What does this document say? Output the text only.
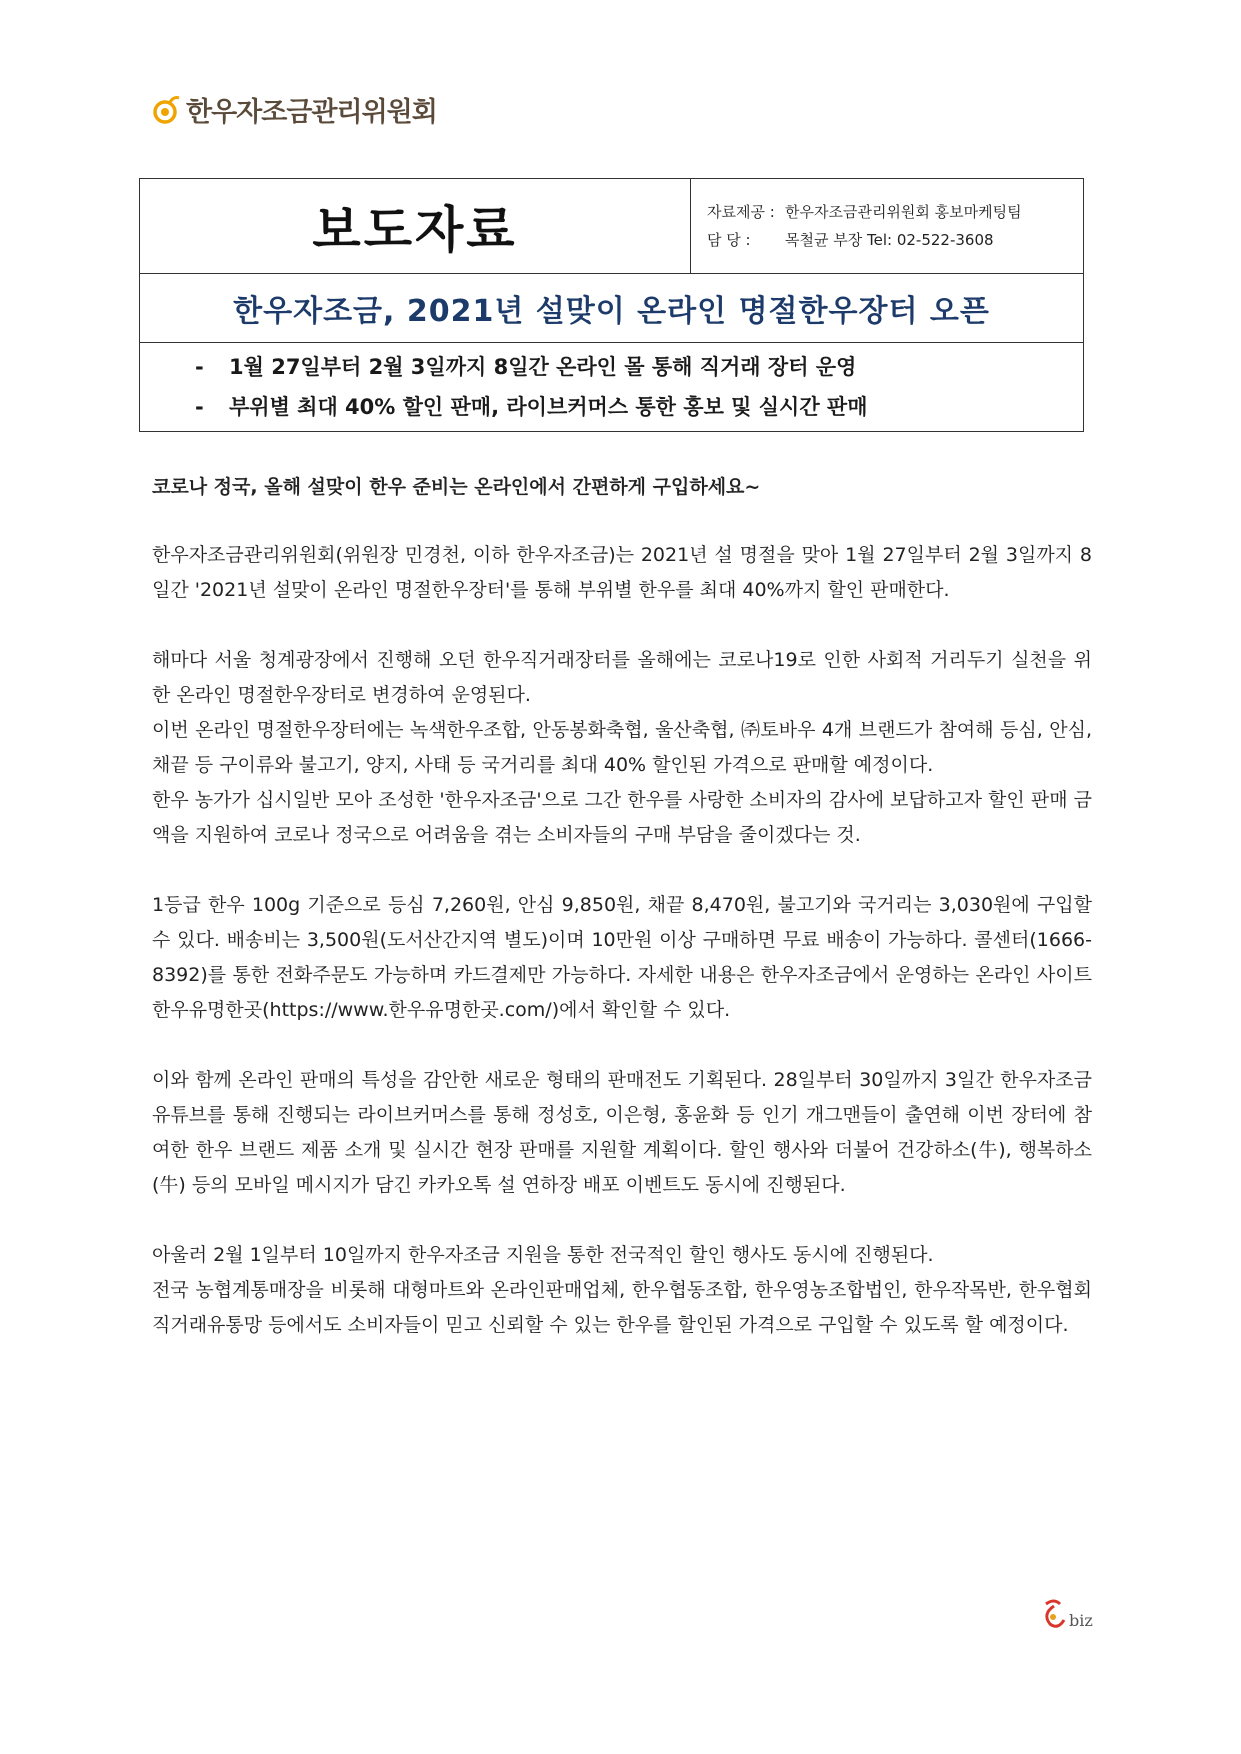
한우자조금관리위원회
보도자료	자료제공 : 한우자조금관리위원회 홍보마케팅팀
담 당 :	목철균 부장 Tel: 02-522-3608

한우자조금, 2021년 설맞이 온라인 명절한우장터 오픈

-	1월 27일부터 2월 3일까지 8일간 온라인 몰 통해 직거래 장터 운영
-	부위별 최대 40% 할인 판매, 라이브커머스 통한 홍보 및 실시간 판매

코로나 정국, 올해 설맞이 한우 준비는 온라인에서 간편하게 구입하세요~

한우자조금관리위원회(위원장 민경천, 이하 한우자조금)는 2021년 설 명절을 맞아 1월 27일부터 2월 3일까지 8일간 '2021년 설맞이 온라인 명절한우장터'를 통해 부위별 한우를 최대 40%까지 할인 판매한다.

해마다 서울 청계광장에서 진행해 오던 한우직거래장터를 올해에는 코로나19로 인한 사회적 거리두기 실천을 위한 온라인 명절한우장터로 변경하여 운영된다.
이번 온라인 명절한우장터에는 녹색한우조합, 안동봉화축협, 울산축협, ㈜토바우 4개 브랜드가 참여해 등심, 안심, 채끝 등 구이류와 불고기, 양지, 사태 등 국거리를 최대 40% 할인된 가격으로 판매할 예정이다.
한우 농가가 십시일반 모아 조성한 '한우자조금'으로 그간 한우를 사랑한 소비자의 감사에 보답하고자 할인 판매 금액을 지원하여 코로나 정국으로 어려움을 겪는 소비자들의 구매 부담을 줄이겠다는 것.

1등급 한우 100g 기준으로 등심 7,260원, 안심 9,850원, 채끝 8,470원, 불고기와 국거리는 3,030원에 구입할 수 있다. 배송비는 3,500원(도서산간지역 별도)이며 10만원 이상 구매하면 무료 배송이 가능하다. 콜센터(1666-8392)를 통한 전화주문도 가능하며 카드결제만 가능하다. 자세한 내용은 한우자조금에서 운영하는 온라인 사이트 한우유명한곳(https://www.한우유명한곳.com/)에서 확인할 수 있다.

이와 함께 온라인 판매의 특성을 감안한 새로운 형태의 판매전도 기획된다. 28일부터 30일까지 3일간 한우자조금 유튜브를 통해 진행되는 라이브커머스를 통해 정성호, 이은형, 홍윤화 등 인기 개그맨들이 출연해 이번 장터에 참여한 한우 브랜드 제품 소개 및 실시간 현장 판매를 지원할 계획이다. 할인 행사와 더불어 건강하소(牛), 행복하소(牛) 등의 모바일 메시지가 담긴 카카오톡 설 연하장 배포 이벤트도 동시에 진행된다.

아울러 2월 1일부터 10일까지 한우자조금 지원을 통한 전국적인 할인 행사도 동시에 진행된다.
전국 농협계통매장을 비롯해 대형마트와 온라인판매업체, 한우협동조합, 한우영농조합법인, 한우작목반, 한우협회 직거래유통망 등에서도 소비자들이 믿고 신뢰할 수 있는 한우를 할인된 가격으로 구입할 수 있도록 할 예정이다.

biz
